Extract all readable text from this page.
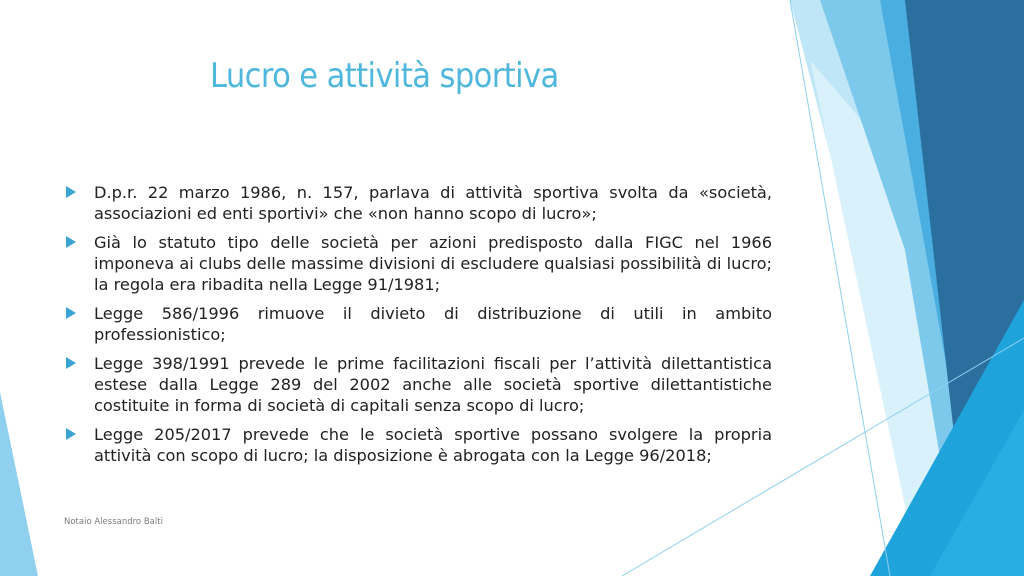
Lucro e attività sportiva
D.p.r. 22 marzo 1986, n. 157, parlava di attività sportiva svolta da «società, associazioni ed enti sportivi» che «non hanno scopo di lucro»;
Già lo statuto tipo delle società per azioni predisposto dalla FIGC nel 1966 imponeva ai clubs delle massime divisioni di escludere qualsiasi possibilità di lucro; la regola era ribadita nella Legge 91/1981;
Legge 586/1996 rimuove il divieto di distribuzione di utili in ambito professionistico;
Legge 398/1991 prevede le prime facilitazioni fiscali per l’attività dilettantistica estese dalla Legge 289 del 2002 anche alle società sportive dilettantistiche costituite in forma di società di capitali senza scopo di lucro;
Legge 205/2017 prevede che le società sportive possano svolgere la propria attività con scopo di lucro; la disposizione è abrogata con la Legge 96/2018;
Notaio Alessandro Balti
